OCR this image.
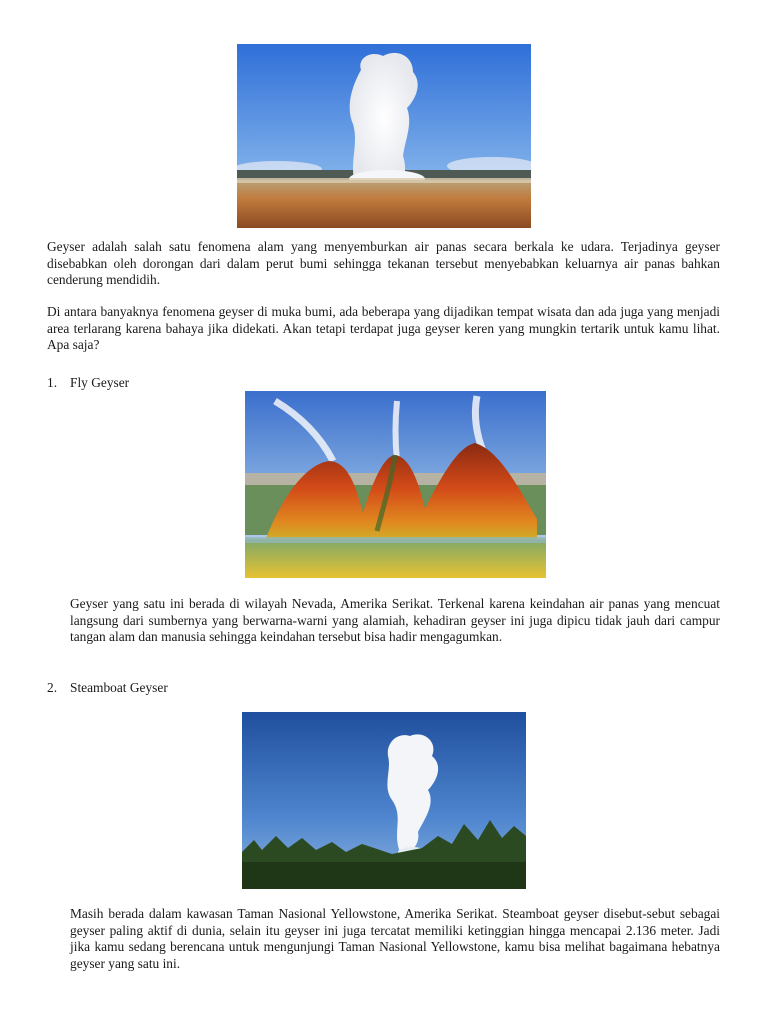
Geyser adalah salah satu fenomena alam yang menyemburkan air panas secara berkala ke udara. Terjadinya geyser disebabkan oleh dorongan dari dalam perut bumi sehingga tekanan tersebut menyebabkan keluarnya air panas bahkan cenderung mendidih.

Di antara banyaknya fenomena geyser di muka bumi, ada beberapa yang dijadikan tempat wisata dan ada juga yang menjadi area terlarang karena bahaya jika didekati. Akan tetapi terdapat juga geyser keren yang mungkin tertarik untuk kamu lihat. Apa saja?

1. Fly Geyser

Geyser yang satu ini berada di wilayah Nevada, Amerika Serikat. Terkenal karena keindahan air panas yang mencuat langsung dari sumbernya yang berwarna-warni yang alamiah, kehadiran geyser ini juga dipicu tidak jauh dari campur tangan alam dan manusia sehingga keindahan tersebut bisa hadir mengagumkan.

2. Steamboat Geyser

Masih berada dalam kawasan Taman Nasional Yellowstone, Amerika Serikat. Steamboat geyser disebut-sebut sebagai geyser paling aktif di dunia, selain itu geyser ini juga tercatat memiliki ketinggian hingga mencapai 2.136 meter. Jadi jika kamu sedang berencana untuk mengunjungi Taman Nasional Yellowstone, kamu bisa melihat bagaimana hebatnya geyser yang satu ini.
